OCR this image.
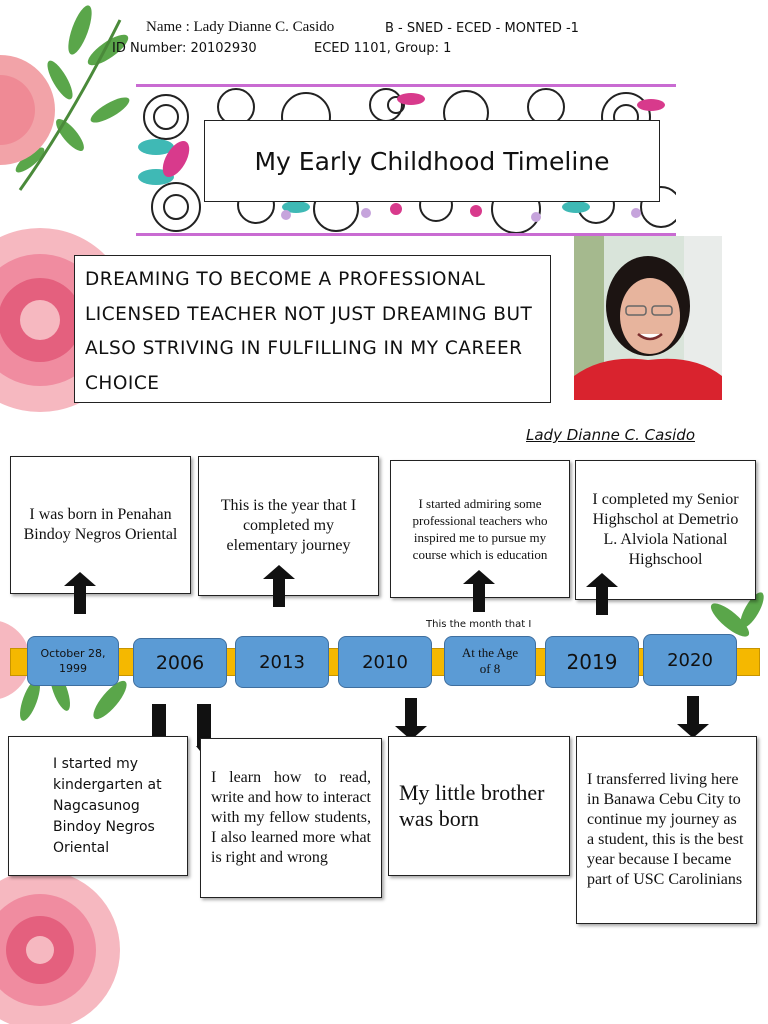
Name : Lady Dianne C. Casido	B - SNED - ECED - MONTED -1
ID Number: 20102930	ECED 1101, Group: 1
My Early Childhood Timeline
DREAMING TO BECOME A PROFESSIONAL LICENSED TEACHER NOT JUST DREAMING BUT ALSO STRIVING IN FULFILLING IN MY CAREER CHOICE
Lady Dianne C. Casido
I was born in Penahan Bindoy Negros Oriental
This is the year that I completed my elementary journey
I started admiring some professional teachers who inspired me to pursue my course which is education
I completed my Senior Highschol at Demetrio L. Alviola National Highschool
This the month that I
October 28, 1999	2006	2013	2010	At the Age of 8	2019	2020
I started my kindergarten at Nagcasunog Bindoy Negros Oriental
I learn how to read, write and how to interact with my fellow students, I also learned more what is right and wrong
My little brother was born
I transferred living here in Banawa Cebu City to continue my journey as a student, this is the best year because I became part of USC Carolinians
